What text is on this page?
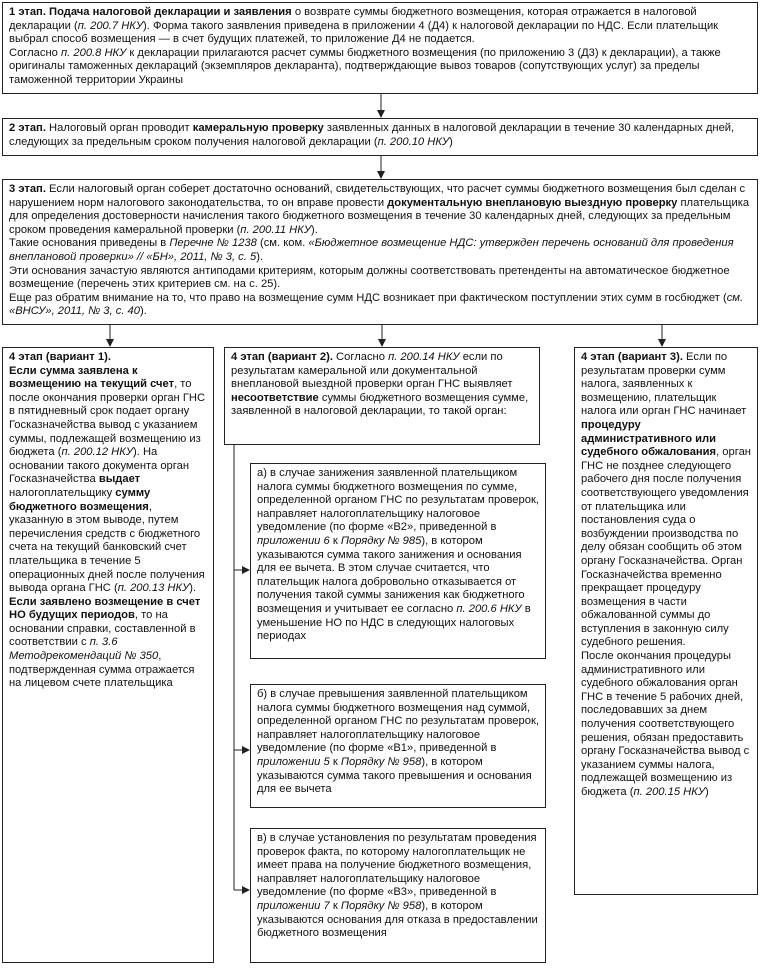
1 этап. Подача налоговой декларации и заявления о возврате суммы бюджетного возмещения, которая отражается в налоговой декларации (п. 200.7 НКУ). Форма такого заявления приведена в приложении 4 (Д4) к налоговой декларации по НДС. Если плательщик выбрал способ возмещения — в счет будущих платежей, то приложение Д4 не подается.
Согласно п. 200.8 НКУ к декларации прилагаются расчет суммы бюджетного возмещения (по приложению 3 (Д3) к декларации), а также оригиналы таможенных деклараций (экземпляров декларанта), подтверждающие вывоз товаров (сопутствующих услуг) за пределы таможенной территории Украины

2 этап. Налоговый орган проводит камеральную проверку заявленных данных в налоговой декларации в течение 30 календарных дней, следующих за предельным сроком получения налоговой декларации (п. 200.10 НКУ)

3 этап. Если налоговый орган соберет достаточно оснований, свидетельствующих, что расчет суммы бюджетного возмещения был сделан с нарушением норм налогового законодательства, то он вправе провести документальную внеплановую выездную проверку плательщика для определения достоверности начисления такого бюджетного возмещения в течение 30 календарных дней, следующих за предельным сроком проведения камеральной проверки (п. 200.11 НКУ).
Такие основания приведены в Перечне № 1238 (см. ком. «Бюджетное возмещение НДС: утвержден перечень оснований для проведения внеплановой проверки» // «БН», 2011, № 3, с. 5).
Эти основания зачастую являются антиподами критериям, которым должны соответствовать претенденты на автоматическое бюджетное возмещение (перечень этих критериев см. на с. 25).
Еще раз обратим внимание на то, что право на возмещение сумм НДС возникает при фактическом поступлении этих сумм в госбюджет (см. «ВНСУ», 2011, № 3, с. 40).

4 этап (вариант 1).
Если сумма заявлена к возмещению на текущий счет, то после окончания проверки орган ГНС в пятидневный срок подает органу Госказначейства вывод с указанием суммы, подлежащей возмещению из бюджета (п. 200.12 НКУ). На основании такого документа орган Госказначейства выдает налогоплательщику сумму бюджетного возмещения, указанную в этом выводе, путем перечисления средств с бюджетного счета на текущий банковский счет плательщика в течение 5 операционных дней после получения вывода органа ГНС (п. 200.13 НКУ).
Если заявлено возмещение в счет НО будущих периодов, то на основании справки, составленной в соответствии с п. 3.6 Методрекомендаций № 350, подтвержденная сумма отражается на лицевом счете плательщика

4 этап (вариант 2). Согласно п. 200.14 НКУ если по результатам камеральной или документальной внеплановой выездной проверки орган ГНС выявляет несоответствие суммы бюджетного возмещения сумме, заявленной в налоговой декларации, то такой орган:

а) в случае занижения заявленной плательщиком налога суммы бюджетного возмещения по сумме, определенной органом ГНС по результатам проверок, направляет налогоплательщику налоговое уведомление (по форме «В2», приведенной в приложении 6 к Порядку № 985), в котором указываются сумма такого занижения и основания для ее вычета. В этом случае считается, что плательщик налога добровольно отказывается от получения такой суммы занижения как бюджетного возмещения и учитывает ее согласно п. 200.6 НКУ в уменьшение НО по НДС в следующих налоговых периодах

б) в случае превышения заявленной плательщиком налога суммы бюджетного возмещения над суммой, определенной органом ГНС по результатам проверок, направляет налогоплательщику налоговое уведомление (по форме «В1», приведенной в приложении 5 к Порядку № 958), в котором указываются сумма такого превышения и основания для ее вычета

в) в случае установления по результатам проведения проверок факта, по которому налогоплательщик не имеет права на получение бюджетного возмещения, направляет налогоплательщику налоговое уведомление (по форме «В3», приведенной в приложении 7 к Порядку № 958), в котором указываются основания для отказа в предоставлении бюджетного возмещения

4 этап (вариант 3). Если по результатам проверки сумм налога, заявленных к возмещению, плательщик налога или орган ГНС начинает процедуру административного или судебного обжалования, орган ГНС не позднее следующего рабочего дня после получения соответствующего уведомления от плательщика или постановления суда о возбуждении производства по делу обязан сообщить об этом органу Госказначейства. Орган Госказначейства временно прекращает процедуру возмещения в части обжалованной суммы до вступления в законную силу судебного решения.
После окончания процедуры административного или судебного обжалования орган ГНС в течение 5 рабочих дней, последовавших за днем получения соответствующего решения, обязан предоставить органу Госказначейства вывод с указанием суммы налога, подлежащей возмещению из бюджета (п. 200.15 НКУ)
